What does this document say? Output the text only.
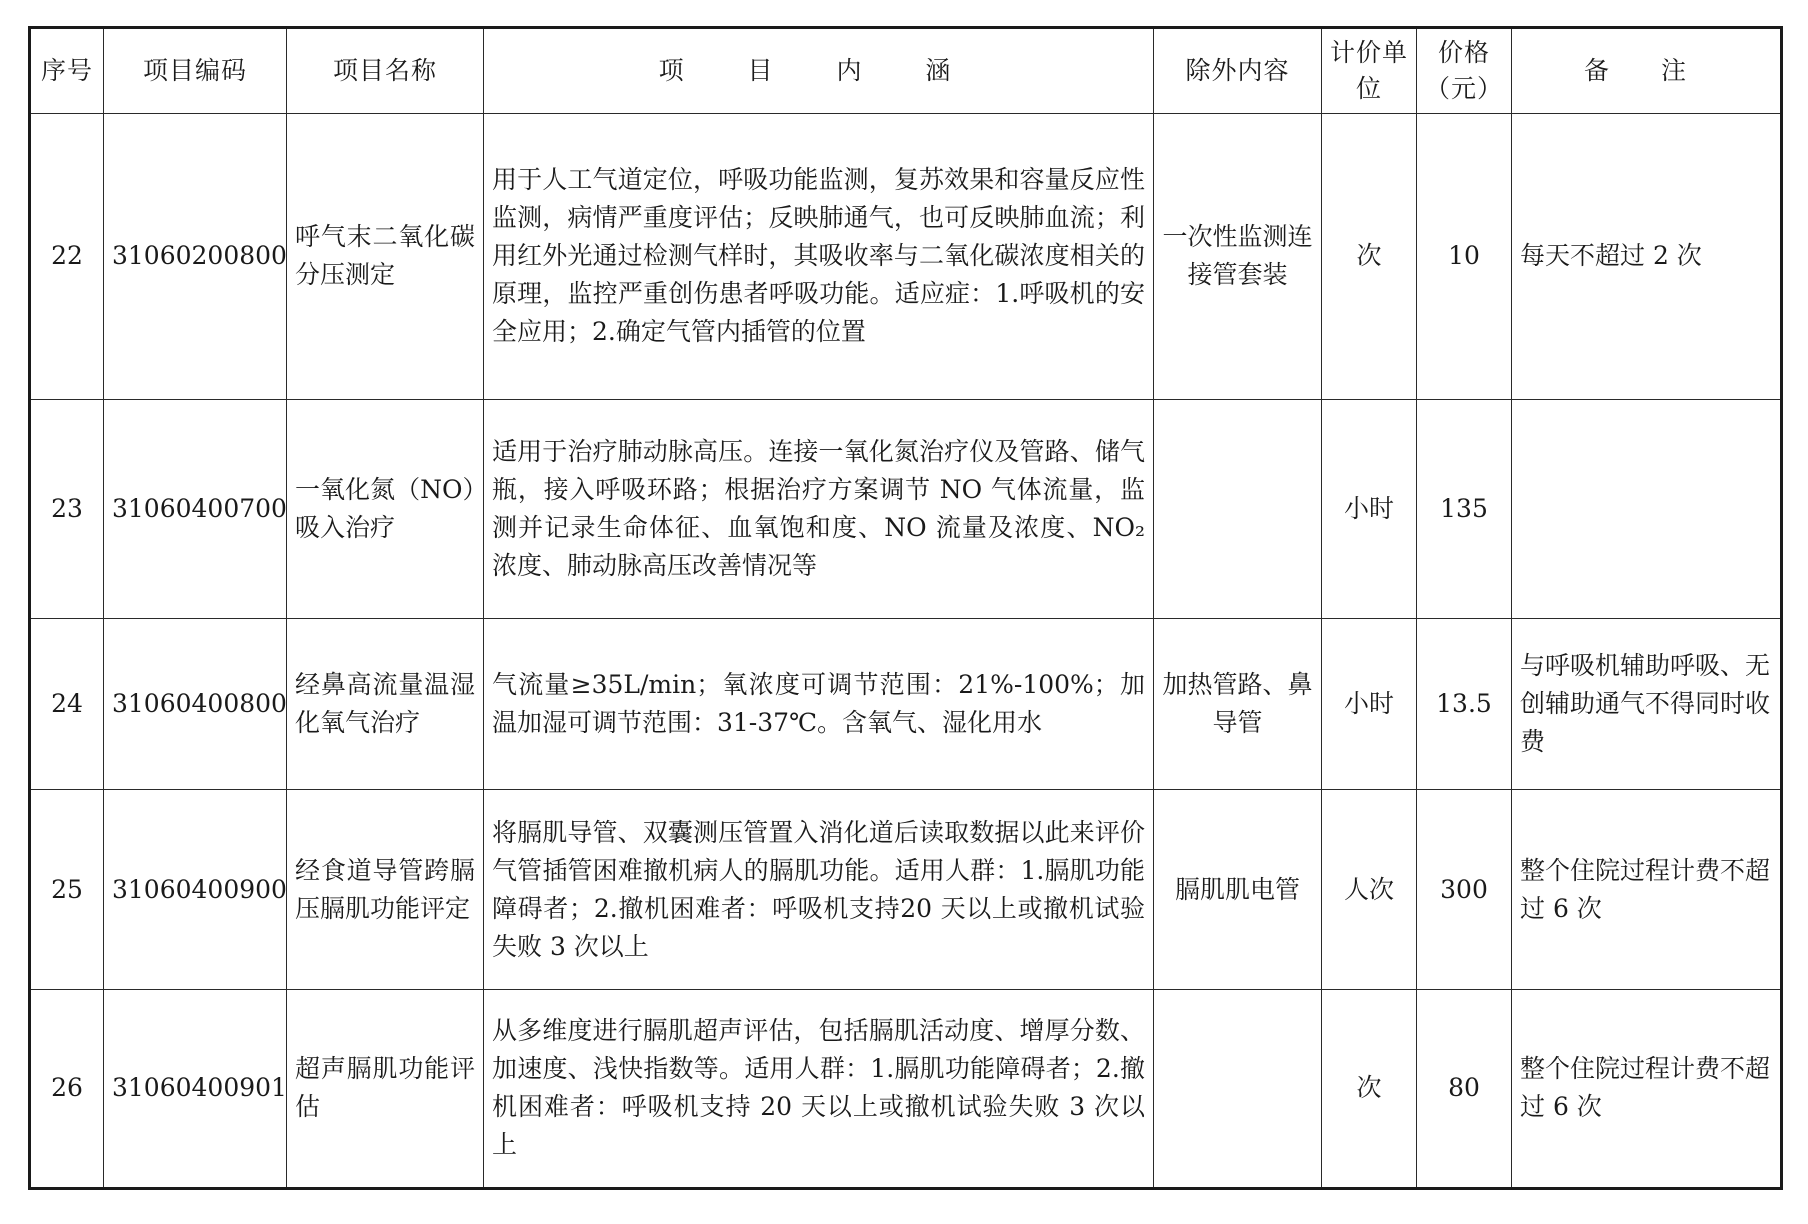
序号	项目编码	项目名称	项 目 内 涵	除外内容	计价单位	价格（元）	备 注
22	31060200800	呼气末二氧化碳分压测定	用于人工气道定位，呼吸功能监测，复苏效果和容量反应性监测，病情严重度评估；反映肺通气，也可反映肺血流；利用红外光通过检测气样时，其吸收率与二氧化碳浓度相关的原理，监控严重创伤患者呼吸功能。适应症：1.呼吸机的安全应用；2.确定气管内插管的位置	一次性监测连接管套装	次	10	每天不超过 2 次
23	31060400700	一氧化氮（NO）吸入治疗	适用于治疗肺动脉高压。连接一氧化氮治疗仪及管路、储气瓶，接入呼吸环路；根据治疗方案调节 NO 气体流量，监测并记录生命体征、血氧饱和度、NO 流量及浓度、NO₂ 浓度、肺动脉高压改善情况等		小时	135	
24	31060400800	经鼻高流量温湿化氧气治疗	气流量≥35L/min；氧浓度可调节范围：21%-100%；加温加湿可调节范围：31-37℃。含氧气、湿化用水	加热管路、鼻导管	小时	13.5	与呼吸机辅助呼吸、无创辅助通气不得同时收费
25	31060400900	经食道导管跨膈压膈肌功能评定	将膈肌导管、双囊测压管置入消化道后读取数据以此来评价气管插管困难撤机病人的膈肌功能。适用人群：1.膈肌功能障碍者；2.撤机困难者：呼吸机支持20 天以上或撤机试验失败 3 次以上	膈肌肌电管	人次	300	整个住院过程计费不超过 6 次
26	31060400901	超声膈肌功能评估	从多维度进行膈肌超声评估，包括膈肌活动度、增厚分数、加速度、浅快指数等。适用人群：1.膈肌功能障碍者；2.撤机困难者：呼吸机支持 20 天以上或撤机试验失败 3 次以上		次	80	整个住院过程计费不超过 6 次
